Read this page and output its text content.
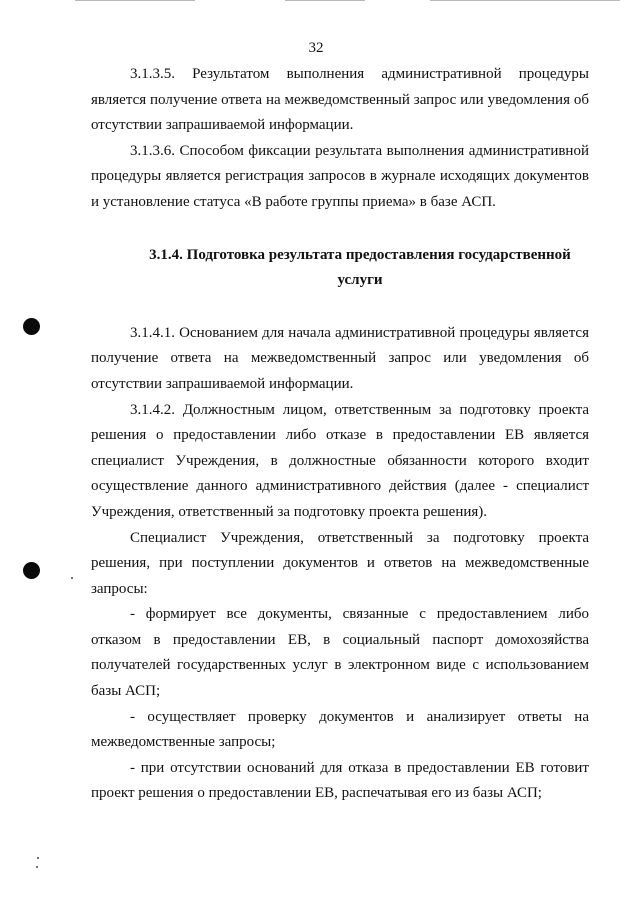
32

3.1.3.5. Результатом выполнения административной процедуры является получение ответа на межведомственный запрос или уведомления об отсутствии запрашиваемой информации.

3.1.3.6. Способом фиксации результата выполнения административной процедуры является регистрация запросов в журнале исходящих документов и установление статуса «В работе группы приема» в базе АСП.

3.1.4. Подготовка результата предоставления государственной
услуги

3.1.4.1. Основанием для начала административной процедуры является получение ответа на межведомственный запрос или уведомления об отсутствии запрашиваемой информации.

3.1.4.2. Должностным лицом, ответственным за подготовку проекта решения о предоставлении либо отказе в предоставлении ЕВ является специалист Учреждения, в должностные обязанности которого входит осуществление данного административного действия (далее - специалист Учреждения, ответственный за подготовку проекта решения).

Специалист Учреждения, ответственный за подготовку проекта решения, при поступлении документов и ответов на межведомственные запросы:

- формирует все документы, связанные с предоставлением либо отказом в предоставлении ЕВ, в социальный паспорт домохозяйства получателей государственных услуг в электронном виде с использованием базы АСП;

- осуществляет проверку документов и анализирует ответы на межведомственные запросы;

- при отсутствии оснований для отказа в предоставлении ЕВ готовит проект решения о предоставлении ЕВ, распечатывая его из базы АСП;
